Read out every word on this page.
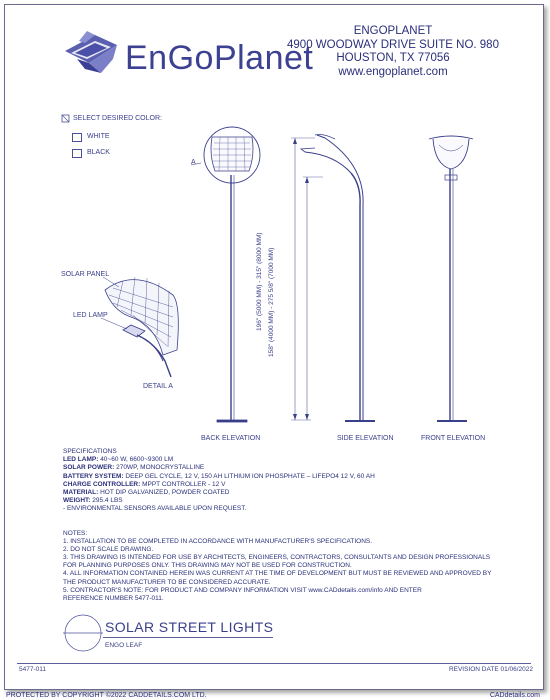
EnGoPlanet
ENGOPLANET
4900 WOODWAY DRIVE SUITE NO. 980
HOUSTON, TX 77056
www.engoplanet.com
SELECT DESIRED COLOR:
WHITE
BLACK
SOLAR PANEL
LED LAMP
DETAIL A
A
BACK ELEVATION	SIDE ELEVATION	FRONT ELEVATION
196" (5000 MM) - 315" (8000 MM) 158" (4000 MM) - 275 5/8" (7000 MM)
SPECIFICATIONS
LED LAMP: 40~60 W, 6600~9300 LM
SOLAR POWER: 270WP, MONOCRYSTALLINE
BATTERY SYSTEM: DEEP GEL CYCLE, 12 V, 150 AH LITHIUM ION PHOSPHATE – LIFEPO4 12 V, 60 AH
CHARGE CONTROLLER: MPPT CONTROLLER - 12 V
MATERIAL: HOT DIP GALVANIZED, POWDER COATED
WEIGHT: 295.4 LBS
- ENVIRONMENTAL SENSORS AVAILABLE UPON REQUEST.
NOTES:
1. INSTALLATION TO BE COMPLETED IN ACCORDANCE WITH MANUFACTURER'S SPECIFICATIONS.
2. DO NOT SCALE DRAWING.
3. THIS DRAWING IS INTENDED FOR USE BY ARCHITECTS, ENGINEERS, CONTRACTORS, CONSULTANTS AND DESIGN PROFESSIONALS
FOR PLANNING PURPOSES ONLY. THIS DRAWING MAY NOT BE USED FOR CONSTRUCTION.
4. ALL INFORMATION CONTAINED HEREIN WAS CURRENT AT THE TIME OF DEVELOPMENT BUT MUST BE REVIEWED AND APPROVED BY
THE PRODUCT MANUFACTURER TO BE CONSIDERED ACCURATE.
5. CONTRACTOR'S NOTE: FOR PRODUCT AND COMPANY INFORMATION VISIT www.CADdetails.com/info AND ENTER
REFERENCE NUMBER 5477-011.
SOLAR STREET LIGHTS
ENGO LEAF
5477-011	REVISION DATE 01/06/2022
PROTECTED BY COPYRIGHT ©2022 CADDETAILS.COM LTD.	CADdetails.com
